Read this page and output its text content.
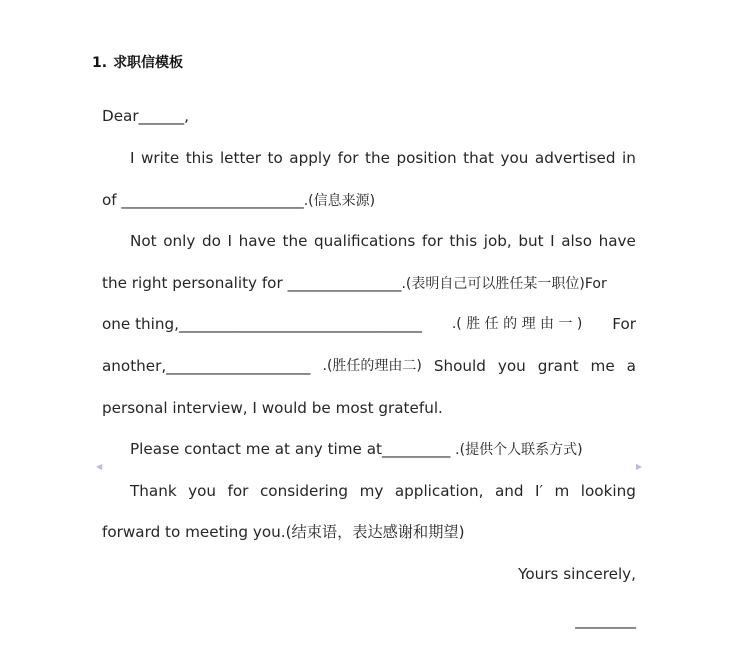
1. 求职信模板
Dear______,
I write this letter to apply for the position that you advertised in
of ________________________.(信息来源)
Not only do I have the qualifications for this job, but I also have
the right personality for _______________.(表明自己可以胜任某一职位)For
one thing,________________________________ .( 胜 任 的 理 由 一 ) For
another,___________________ .(胜任的理由二) Should you grant me a
personal interview, I would be most grateful.
Please contact me at any time at_________ .(提供个人联系方式)
◀	▶
Thank you for considering my application, and I′ m looking
forward to meeting you.(结束语，表达感谢和期望)
Yours sincerely,
________
